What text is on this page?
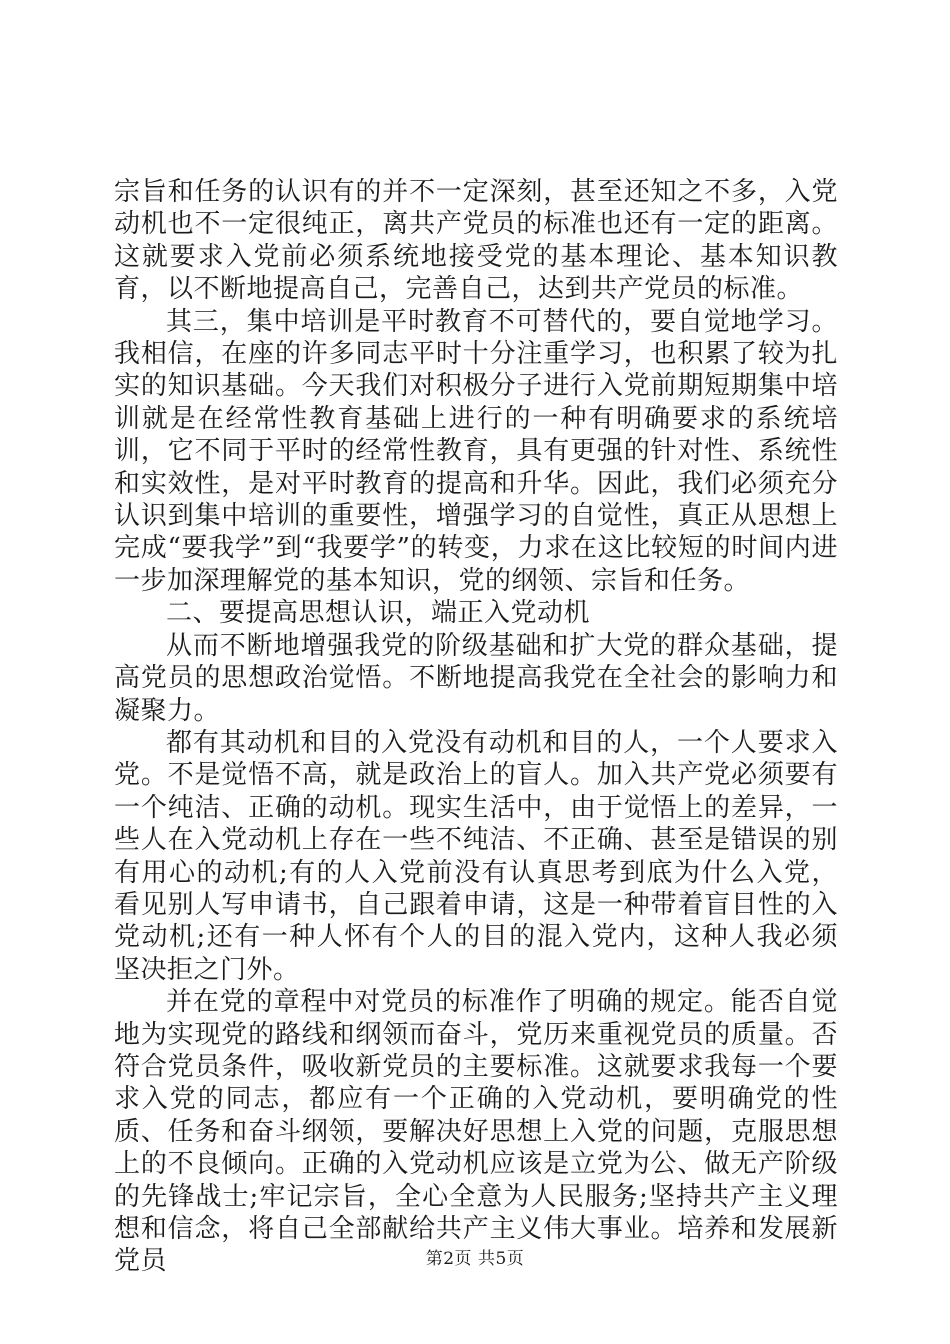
宗旨和任务的认识有的并不一定深刻，甚至还知之不多，入党动机也不一定很纯正，离共产党员的标准也还有一定的距离。这就要求入党前必须系统地接受党的基本理论、基本知识教育，以不断地提高自己，完善自己，达到共产党员的标准。

其三，集中培训是平时教育不可替代的，要自觉地学习。我相信，在座的许多同志平时十分注重学习，也积累了较为扎实的知识基础。今天我们对积极分子进行入党前期短期集中培训就是在经常性教育基础上进行的一种有明确要求的系统培训，它不同于平时的经常性教育，具有更强的针对性、系统性和实效性，是对平时教育的提高和升华。因此，我们必须充分认识到集中培训的重要性，增强学习的自觉性，真正从思想上完成“要我学”到“我要学”的转变，力求在这比较短的时间内进一步加深理解党的基本知识，党的纲领、宗旨和任务。

二、要提高思想认识，端正入党动机

从而不断地增强我党的阶级基础和扩大党的群众基础，提高党员的思想政治觉悟。不断地提高我党在全社会的影响力和凝聚力。

都有其动机和目的入党没有动机和目的人，一个人要求入党。不是觉悟不高，就是政治上的盲人。加入共产党必须要有一个纯洁、正确的动机。现实生活中，由于觉悟上的差异，一些人在入党动机上存在一些不纯洁、不正确、甚至是错误的别有用心的动机;有的人入党前没有认真思考到底为什么入党，看见别人写申请书，自己跟着申请，这是一种带着盲目性的入党动机;还有一种人怀有个人的目的混入党内，这种人我必须坚决拒之门外。

并在党的章程中对党员的标准作了明确的规定。能否自觉地为实现党的路线和纲领而奋斗，党历来重视党员的质量。否符合党员条件，吸收新党员的主要标准。这就要求我每一个要求入党的同志，都应有一个正确的入党动机，要明确党的性质、任务和奋斗纲领，要解决好思想上入党的问题，克服思想上的不良倾向。正确的入党动机应该是立党为公、做无产阶级的先锋战士;牢记宗旨，全心全意为人民服务;坚持共产主义理想和信念，将自己全部献给共产主义伟大事业。培养和发展新党员	第2页 共5页
